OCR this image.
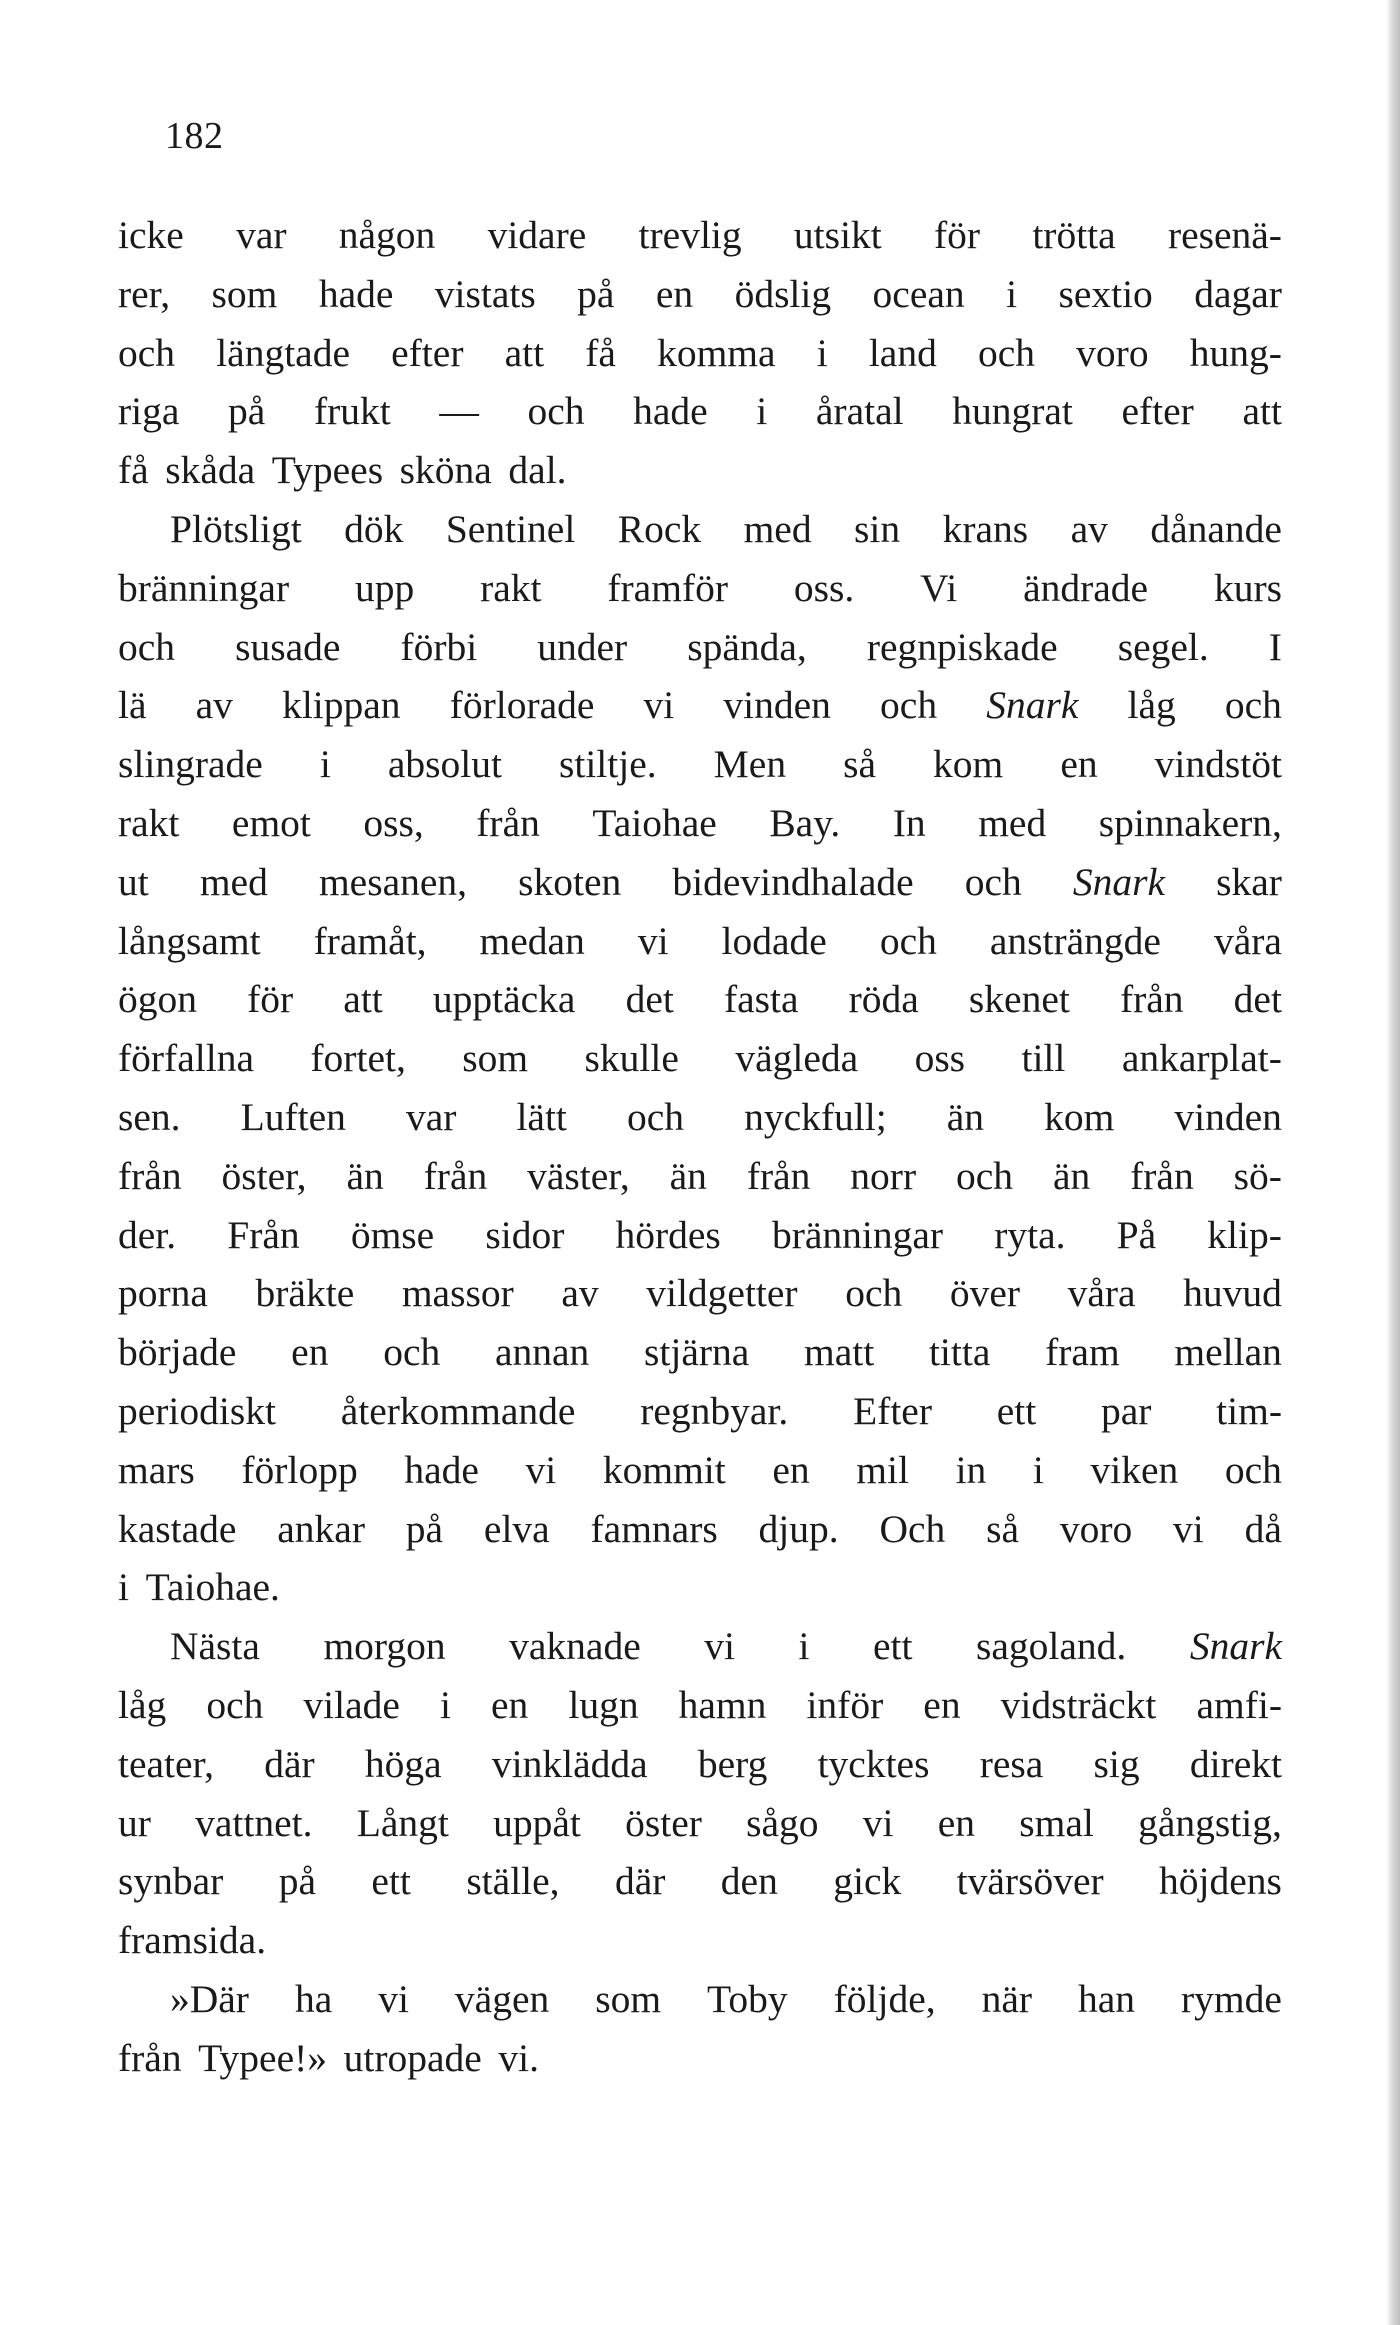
182
icke var någon vidare trevlig utsikt för trötta resenä-
rer, som hade vistats på en ödslig ocean i sextio dagar
och längtade efter att få komma i land och voro hung-
riga på frukt — och hade i åratal hungrat efter att
få skåda Typees sköna dal.
Plötsligt dök Sentinel Rock med sin krans av dånande
bränningar upp rakt framför oss. Vi ändrade kurs
och susade förbi under spända, regnpiskade segel. I
lä av klippan förlorade vi vinden och Snark låg och
slingrade i absolut stiltje. Men så kom en vindstöt
rakt emot oss, från Taiohae Bay. In med spinnakern,
ut med mesanen, skoten bidevindhalade och Snark skar
långsamt framåt, medan vi lodade och ansträngde våra
ögon för att upptäcka det fasta röda skenet från det
förfallna fortet, som skulle vägleda oss till ankarplat-
sen. Luften var lätt och nyckfull; än kom vinden
från öster, än från väster, än från norr och än från sö-
der. Från ömse sidor hördes bränningar ryta. På klip-
porna bräkte massor av vildgetter och över våra huvud
började en och annan stjärna matt titta fram mellan
periodiskt återkommande regnbyar. Efter ett par tim-
mars förlopp hade vi kommit en mil in i viken och
kastade ankar på elva famnars djup. Och så voro vi då
i Taiohae.
Nästa morgon vaknade vi i ett sagoland. Snark
låg och vilade i en lugn hamn inför en vidsträckt amfi-
teater, där höga vinklädda berg tycktes resa sig direkt
ur vattnet. Långt uppåt öster sågo vi en smal gångstig,
synbar på ett ställe, där den gick tvärsöver höjdens
framsida.
»Där ha vi vägen som Toby följde, när han rymde
från Typee!» utropade vi.
